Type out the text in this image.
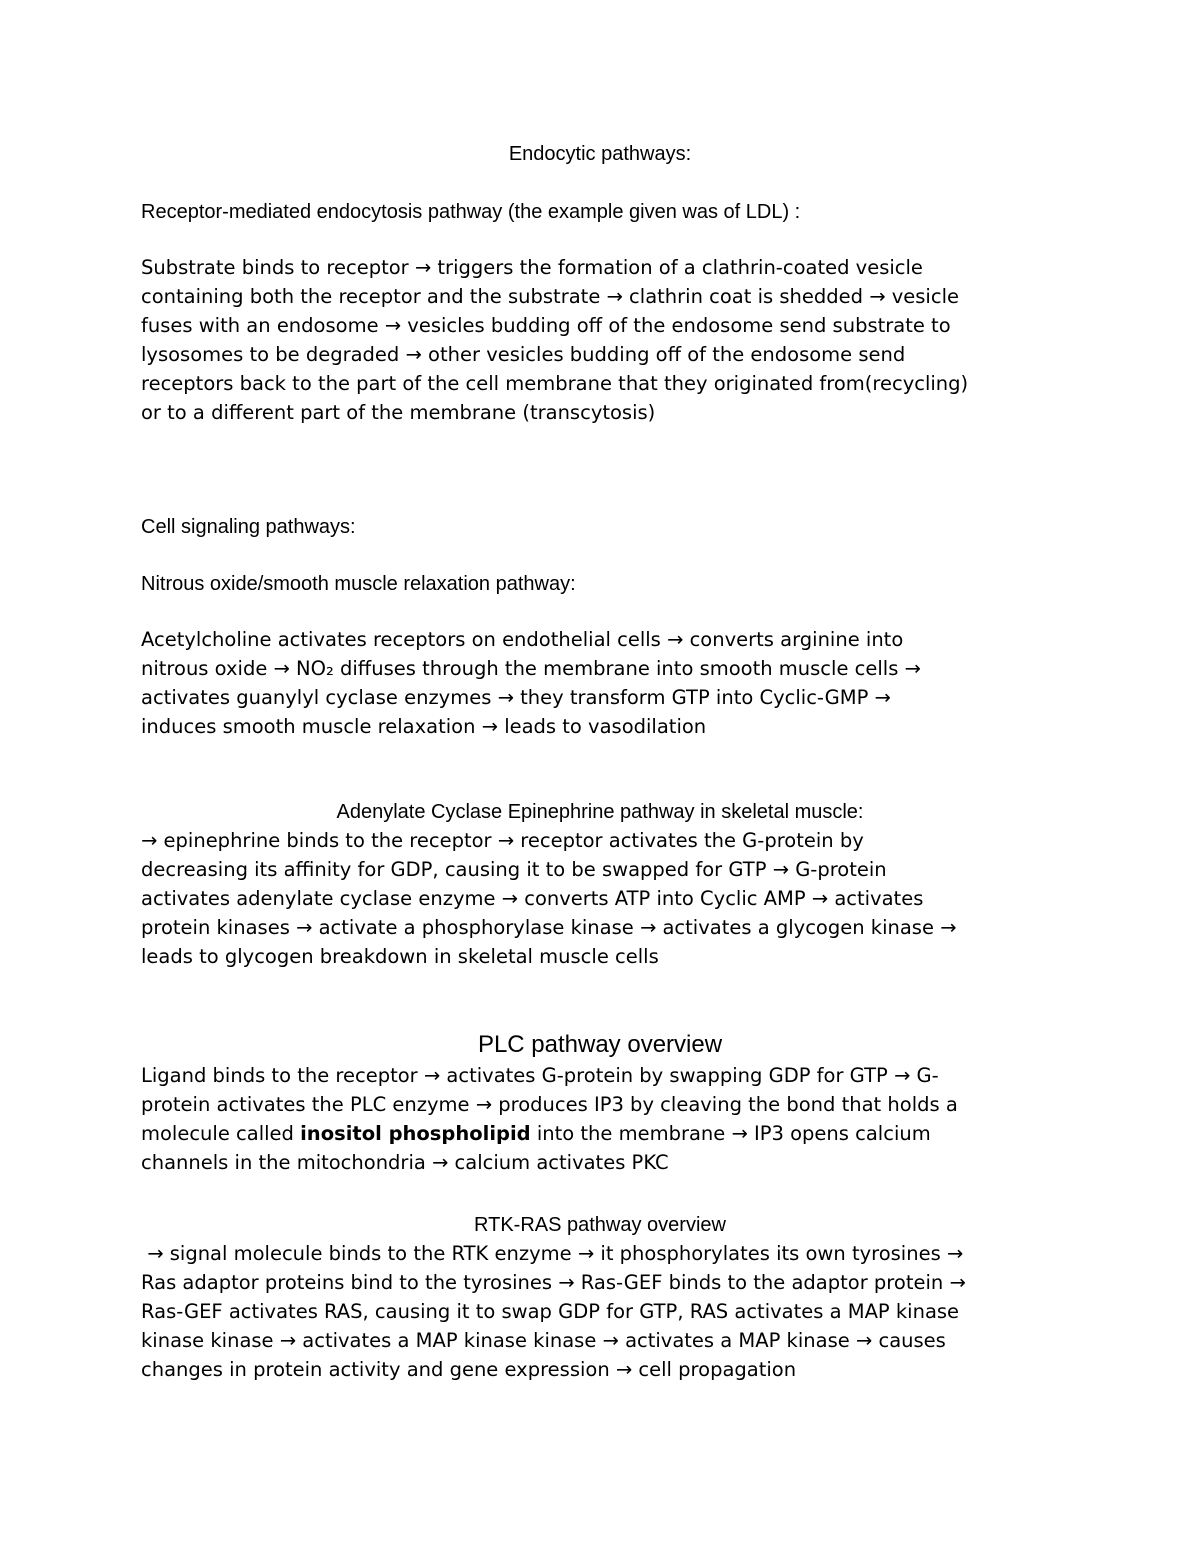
Endocytic pathways:

Receptor-mediated endocytosis pathway (the example given was of LDL) :

Substrate binds to receptor → triggers the formation of a clathrin-coated vesicle
containing both the receptor and the substrate → clathrin coat is shedded → vesicle
fuses with an endosome → vesicles budding off of the endosome send substrate to
lysosomes to be degraded → other vesicles budding off of the endosome send
receptors back to the part of the cell membrane that they originated from(recycling)
or to a different part of the membrane (transcytosis)

Cell signaling pathways:

Nitrous oxide/smooth muscle relaxation pathway:

Acetylcholine activates receptors on endothelial cells → converts arginine into
nitrous oxide → NO₂ diffuses through the membrane into smooth muscle cells →
activates guanylyl cyclase enzymes → they transform GTP into Cyclic-GMP →
induces smooth muscle relaxation → leads to vasodilation

Adenylate Cyclase Epinephrine pathway in skeletal muscle:

→ epinephrine binds to the receptor → receptor activates the G-protein by
decreasing its affinity for GDP, causing it to be swapped for GTP → G-protein
activates adenylate cyclase enzyme → converts ATP into Cyclic AMP → activates
protein kinases → activate a phosphorylase kinase → activates a glycogen kinase →
leads to glycogen breakdown in skeletal muscle cells

PLC pathway overview

Ligand binds to the receptor → activates G-protein by swapping GDP for GTP → G-
protein activates the PLC enzyme → produces IP3 by cleaving the bond that holds a
molecule called inositol phospholipid into the membrane → IP3 opens calcium
channels in the mitochondria → calcium activates PKC

RTK-RAS pathway overview

→ signal molecule binds to the RTK enzyme → it phosphorylates its own tyrosines →
Ras adaptor proteins bind to the tyrosines → Ras-GEF binds to the adaptor protein →
Ras-GEF activates RAS, causing it to swap GDP for GTP, RAS activates a MAP kinase
kinase kinase → activates a MAP kinase kinase → activates a MAP kinase → causes
changes in protein activity and gene expression → cell propagation
